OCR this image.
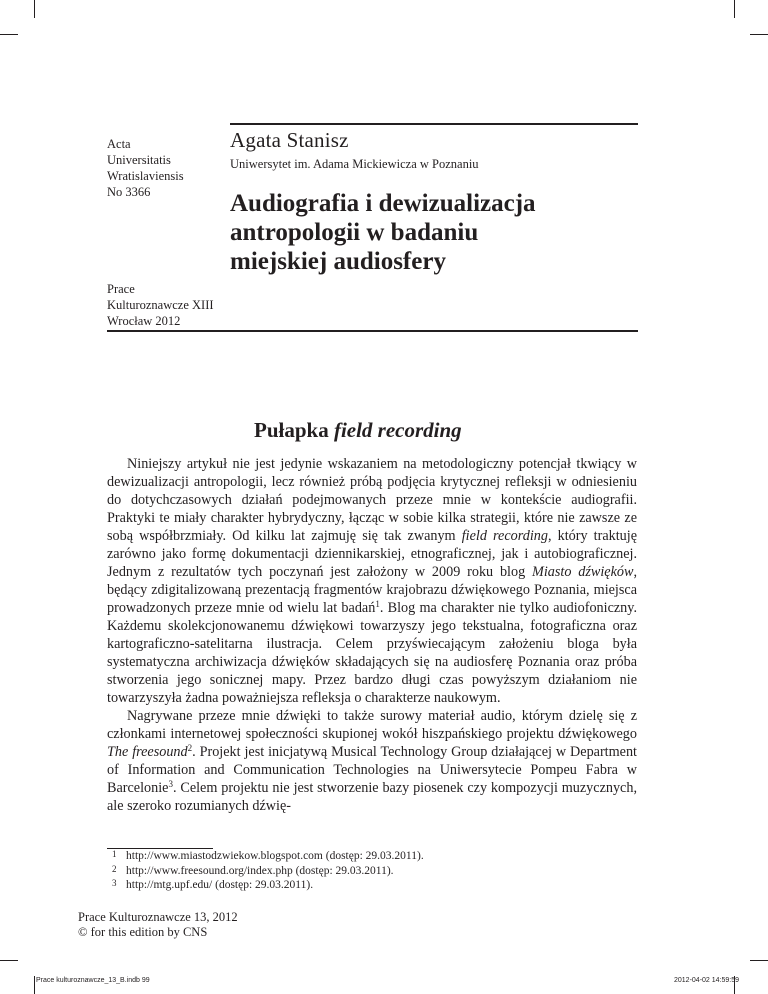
Acta
Universitatis
Wratislaviensis
No 3366
Agata Stanisz
Uniwersytet im. Adama Mickiewicza w Poznaniu
Audiografia i dewizualizacja
antropologii w badaniu
miejskiej audiosfery
Prace
Kulturoznawcze XIII
Wrocław 2012
Pułapka field recording

Niniejszy artykuł nie jest jedynie wskazaniem na metodologiczny potencjał tkwiący w dewizualizacji antropologii, lecz również próbą podjęcia krytycznej refleksji w odniesieniu do dotychczasowych działań podejmowanych przeze mnie w kontekście audiografii. Praktyki te miały charakter hybrydyczny, łącząc w sobie kilka strategii, które nie zawsze ze sobą współbrzmiały. Od kilku lat zajmuję się tak zwanym field recording, który traktuję zarówno jako formę dokumentacji dziennikarskiej, etnograficznej, jak i autobiograficznej. Jednym z rezultatów tych poczynań jest założony w 2009 roku blog Miasto dźwięków, będący zdigitalizowaną prezentacją fragmentów krajobrazu dźwiękowego Poznania, miejsca prowadzonych przeze mnie od wielu lat badań$^1$. Blog ma charakter nie tylko audiofoniczny. Każdemu skolekcjonowanemu dźwiękowi towarzyszy jego tekstualna, fotograficzna oraz kartograficzno-satelitarna ilustracja. Celem przyświecającym założeniu bloga była systematyczna archiwizacja dźwięków składających się na audiosferę Poznania oraz próba stworzenia jego sonicznej mapy. Przez bardzo długi czas powyższym działaniom nie towarzyszyła żadna poważniejsza refleksja o charakterze naukowym.

Nagrywane przeze mnie dźwięki to także surowy materiał audio, którym dzielę się z członkami internetowej społeczności skupionej wokół hiszpańskiego projektu dźwiękowego The freesound$^2$. Projekt jest inicjatywą Musical Technology Group działającej w Department of Information and Communication Technologies na Uniwersytecie Pompeu Fabra w Barcelonie$^3$. Celem projektu nie jest stworzenie bazy piosenek czy kompozycji muzycznych, ale szeroko rozumianych dźwię-

1 http://www.miastodzwiekow.blogspot.com (dostęp: 29.03.2011).
2 http://www.freesound.org/index.php (dostęp: 29.03.2011).
3 http://mtg.upf.edu/ (dostęp: 29.03.2011).
Prace Kulturoznawcze 13, 2012
© for this edition by CNS
Prace kulturoznawcze_13_B.indb 99	2012-04-02 14:59:59
